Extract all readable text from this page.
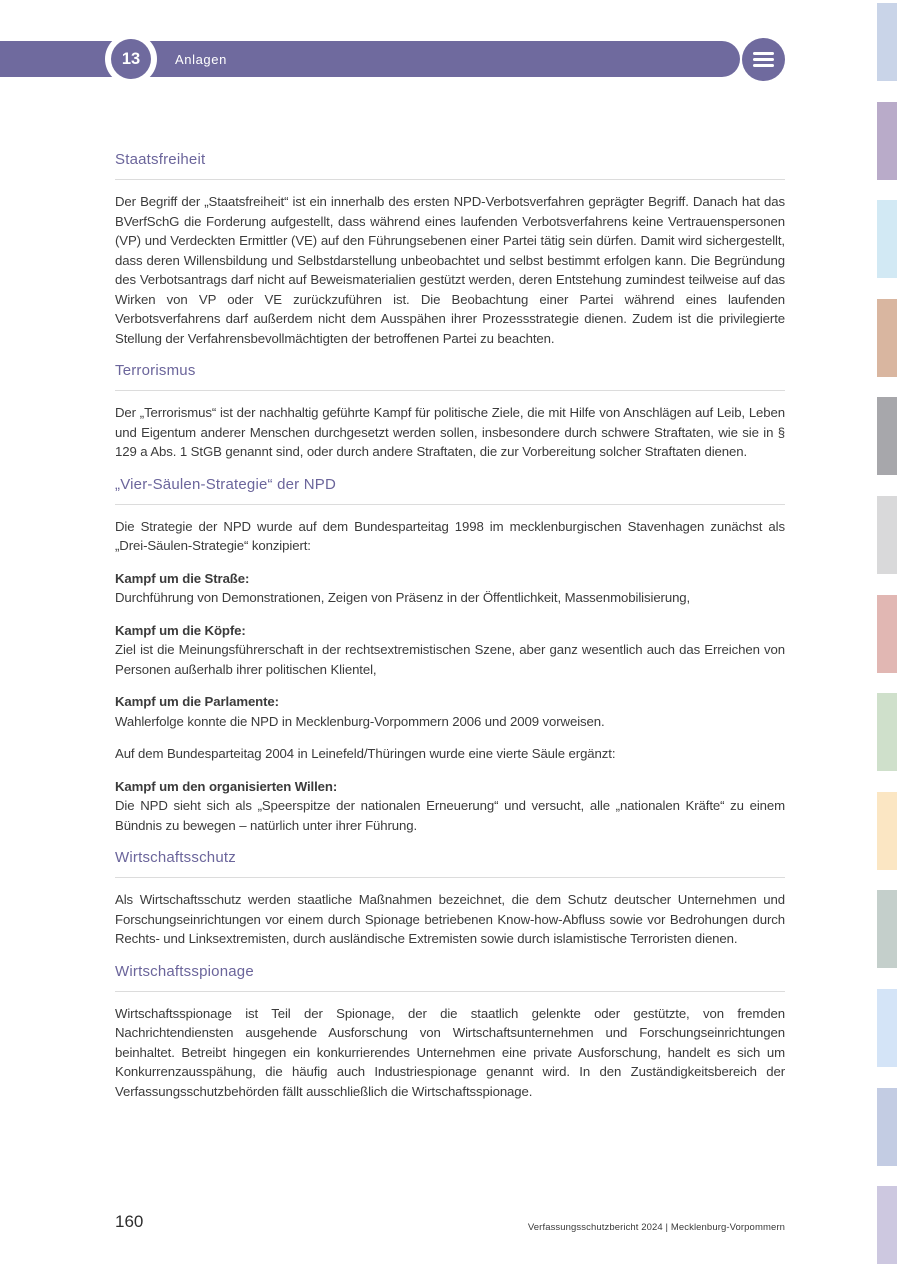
Anlagen
13
Staatsfreiheit

Der Begriff der „Staatsfreiheit“ ist ein innerhalb des ersten NPD-Verbotsverfahren geprägter Begriff. Danach hat das BVerfSchG die Forderung aufgestellt, dass während eines laufenden Verbotsverfahrens keine Vertrauenspersonen (VP) und Verdeckten Ermittler (VE) auf den Führungsebenen einer Partei tätig sein dürfen. Damit wird sichergestellt, dass deren Willensbildung und Selbstdarstellung unbeobachtet und selbst bestimmt erfolgen kann. Die Begründung des Verbotsantrags darf nicht auf Beweismaterialien gestützt werden, deren Entstehung zumindest teilweise auf das Wirken von VP oder VE zurückzuführen ist. Die Beobachtung einer Partei während eines laufenden Verbotsverfahrens darf außerdem nicht dem Ausspähen ihrer Prozessstrategie dienen. Zudem ist die privilegierte Stellung der Verfahrensbevollmächtigten der betroffenen Partei zu beachten.

Terrorismus

Der „Terrorismus“ ist der nachhaltig geführte Kampf für politische Ziele, die mit Hilfe von Anschlägen auf Leib, Leben und Eigentum anderer Menschen durchgesetzt werden sollen, insbesondere durch schwere Straftaten, wie sie in § 129 a Abs. 1 StGB genannt sind, oder durch andere Straftaten, die zur Vorbereitung solcher Straftaten dienen.

„Vier-Säulen-Strategie“ der NPD

Die Strategie der NPD wurde auf dem Bundesparteitag 1998 im mecklenburgischen Stavenhagen zunächst als „Drei-Säulen-Strategie“ konzipiert:

Kampf um die Straße:

Durchführung von Demonstrationen, Zeigen von Präsenz in der Öffentlichkeit, Massenmobilisierung,

Kampf um die Köpfe:

Ziel ist die Meinungsführerschaft in der rechtsextremistischen Szene, aber ganz wesentlich auch das Erreichen von Personen außerhalb ihrer politischen Klientel,

Kampf um die Parlamente:

Wahlerfolge konnte die NPD in Mecklenburg-Vorpommern 2006 und 2009 vorweisen.

Auf dem Bundesparteitag 2004 in Leinefeld/Thüringen wurde eine vierte Säule ergänzt:

Kampf um den organisierten Willen:

Die NPD sieht sich als „Speerspitze der nationalen Erneuerung“ und versucht, alle „nationalen Kräfte“ zu einem Bündnis zu bewegen – natürlich unter ihrer Führung.

Wirtschaftsschutz

Als Wirtschaftsschutz werden staatliche Maßnahmen bezeichnet, die dem Schutz deutscher Unternehmen und Forschungseinrichtungen vor einem durch Spionage betriebenen Know-how-Abfluss sowie vor Bedrohungen durch Rechts- und Linksextremisten, durch ausländische Extremisten sowie durch islamistische Terroristen dienen.

Wirtschaftsspionage

Wirtschaftsspionage ist Teil der Spionage, der die staatlich gelenkte oder gestützte, von fremden Nachrichtendiensten ausgehende Ausforschung von Wirtschaftsunternehmen und Forschungseinrichtungen beinhaltet. Betreibt hingegen ein konkurrierendes Unternehmen eine private Ausforschung, handelt es sich um Konkurrenzausspähung, die häufig auch Industriespionage genannt wird. In den Zuständigkeitsbereich der Verfassungsschutzbehörden fällt ausschließlich die Wirtschaftsspionage.

160	Verfassungsschutzbericht 2024 | Mecklenburg-Vorpommern
